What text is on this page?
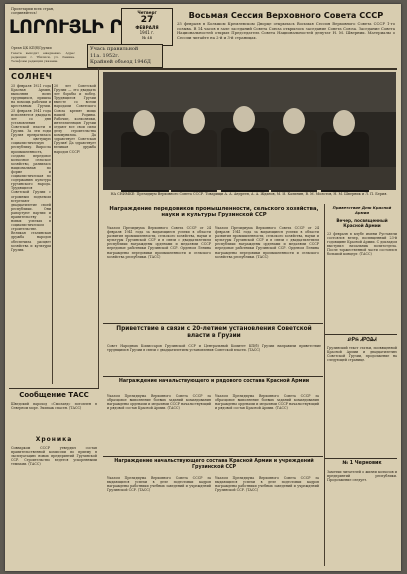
Пролетарии всех стран, соединяйтесь!
ԼՈՐՈՒՅԼԻ Ր
Орган ЦК КП(б)Грузии
Газета выходит ежедневно. Адрес редакции: г. Тбилиси, ул. Ленина. Телефоны редакции указаны.
Четверг
27
ФЕВРАЛЯ
1941 г.
№ 48
Учась правильной
11а. 1952г.
Крайней объезд 1946Д
Восьмая Сессия Верховного Совета СССР
25 февраля в Большом Кремлевском Дворце открылась Восьмая Сессия Верховного Совета СССР 1-го созыва. В 14 часов в зале заседаний Совета Союза открылось заседание Совета Союза. Заседание Совета Национальностей открыл Председатель Совета Национальностей депутат Н. М. Шверник. Материалы о Сессии читайте на 2-й и 3-й страницах.
СОЛНЕЧ
25 февраля 1921 года Красная Армия, выполняя волю трудящихся, пришла на помощь рабочим и крестьянам Грузии. 25 февраля 1941 года исполняется двадцать лет со дня установления Советской власти в Грузии. За эти годы Грузия превратилась в цветущую социалистическую республику. Выросла промышленность, создано передовое колхозное сельское хозяйство, развилась национальная по форме и социалистическая по содержанию культура грузинского народа. Трудящиеся Советской Грузии с огромным подъемом встречают двадцатилетие своей республики. Они рапортуют партии и правительству о новых успехах в социалистическом строительстве. Великая сталинская дружба народов обеспечила расцвет хозяйства и культуры Грузии.
20 лет Советской Грузии — это двадцать лет борьбы и побед. Трудящиеся Грузии вместе со всеми народами Советского Союза крепят мощь нашей Родины. Рабочие, колхозники, интеллигенция Грузии отдают все свои силы делу строительства коммунизма. Да здравствует Советская Грузия! Да здравствует великая дружба народов СССР!
НА СНИМКЕ: Президиум Верховного Совета СССР. Товарищи А. А. Андреев, А. А. Жданов, М. И. Калинин, В. М. Молотов, Н. М. Шверник и Л. П. Берия.
Награждение передовиков промышленности, сельского хозяйства, науки и культуры Грузинской ССР
Указом Президиума Верховного Совета СССР от 24 февраля 1941 года за выдающиеся успехи в области развития промышленности, сельского хозяйства, науки и культуры Грузинской ССР и в связи с двадцатилетием республики награждены орденами и медалями СССР передовые работники Грузинской ССР. Орденом Ленина награждены передовики промышленности и сельского хозяйства республики. (ТАСС)
Указом Президиума Верховного Совета СССР от 24 февраля 1941 года за выдающиеся успехи в области развития промышленности, сельского хозяйства, науки и культуры Грузинской ССР и в связи с двадцатилетием республики награждены орденами и медалями СССР передовые работники Грузинской ССР. Орденом Ленина награждены передовики промышленности и сельского хозяйства республики. (ТАСС)
Приветствие в связи с 20-летием установления Советской власти в Грузии
Совет Народных Комиссаров Грузинской ССР и Центральный Комитет КП(б) Грузии направили приветствие трудящимся Грузии в связи с двадцатилетием установления Советской власти. (ТАСС)
Награждение начальствующего и рядового состава Красной Армии
Указом Президиума Верховного Совета СССР за образцовое выполнение боевых заданий командования награждены орденами и медалями СССР начальствующий и рядовой состав Красной Армии. (ТАСС)
Указом Президиума Верховного Совета СССР за образцовое выполнение боевых заданий командования награждены орденами и медалями СССР начальствующий и рядовой состав Красной Армии. (ТАСС)
Награждение начальствующего состава Красной Армии и учреждений Грузинской ССР
Указом Президиума Верховного Совета СССР за выдающиеся успехи в деле подготовки кадров награждены работники учебных заведений и учреждений Грузинской ССР. (ТАСС)
Указом Президиума Верховного Совета СССР за выдающиеся успехи в деле подготовки кадров награждены работники учебных заведений и учреждений Грузинской ССР. (ТАСС)
Приветствие Дню Красной Армии
Вечер, посвященный Красной Армии
23 февраля в клубе имени Руставели состоялся вечер, посвященный 23-й годовщине Красной Армии. С докладом выступил начальник политотдела. После торжественной части состоялся большой концерт. (ТАСС)
ՔᏢՏ ᏗᏢᏣᎲᏗ
Грузинский текст статьи, посвященной Красной Армии и двадцатилетию Советской Грузии, продолжение на следующей странице.
№ 1 Черновик
Заметки читателей о жизни колхозов и предприятий республики. Продолжение следует.
Сообщение ТАСС
Шведский пароход «Смоланд» потоплен в Северном море. Экипаж спасен. (ТАСС)
Хроника
Совнарком СССР утвердил состав правительственной комиссии по приему в эксплуатацию новых предприятий Грузинской ССР. Строительство ведется ускоренными темпами. (ТАСС)
